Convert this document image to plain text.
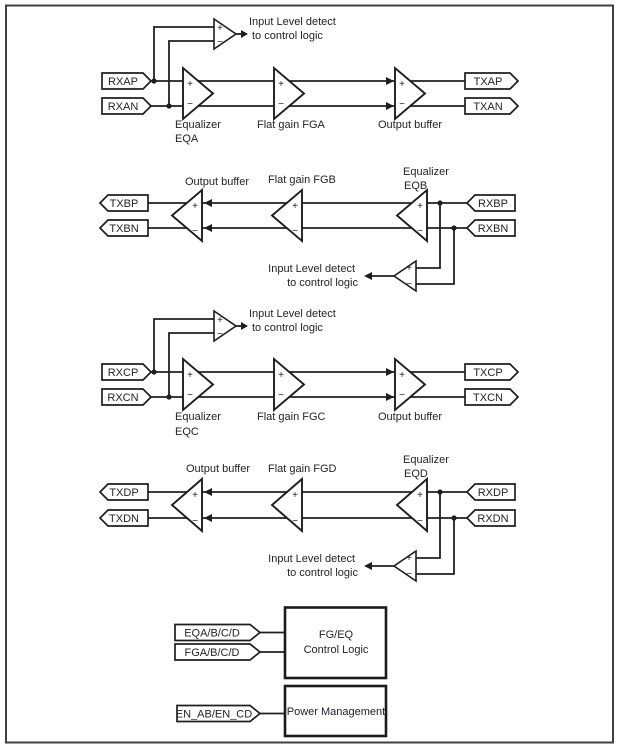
+
−
+
−
+
−
+
−
Input Level detect
to control logic
RXAP
RXAN
TXAP
TXAN
Equalizer
EQA
Flat gain FGA	Output buffer
+
−
+
−
+
−
+
−
Input Level detect
to control logic
TXBP
TXBN
RXBP
RXBN
Output buffer Flat gain FGB
Equalizer
EQB
+
−
+
−
+
−
+
−
Input Level detect
to control logic
RXCP
RXCN
TXCP
TXCN
Equalizer
EQC
Flat gain FGC	Output buffer
+
−
+
−
+
−
+
−
Input Level detect
to control logic
TXDP
TXDN
RXDP
RXDN
Output buffer Flat gain FGD
Equalizer
EQD
EQA/B/C/D
FGA/B/C/D
FG/EQ
Control Logic
EN_AB/EN_CD	Power Management
